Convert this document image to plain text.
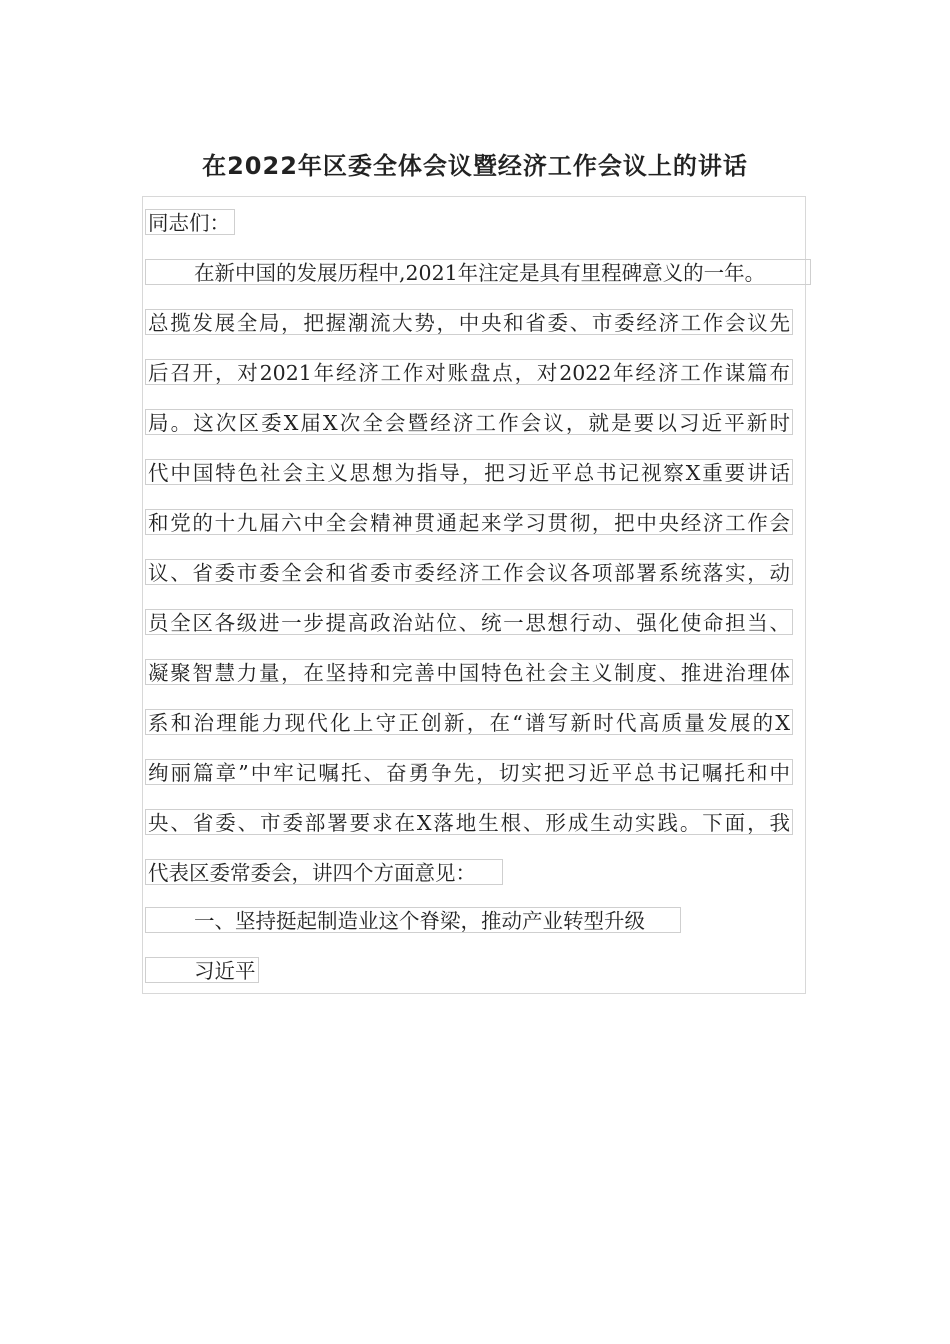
在2022年区委全体会议暨经济工作会议上的讲话
同志们：
在新中国的发展历程中,2021年注定是具有里程碑意义的一年。
总揽发展全局，把握潮流大势，中央和省委、市委经济工作会议先
后召开，对2021年经济工作对账盘点，对2022年经济工作谋篇布
局。这次区委X届X次全会暨经济工作会议，就是要以习近平新时
代中国特色社会主义思想为指导，把习近平总书记视察X重要讲话
和党的十九届六中全会精神贯通起来学习贯彻，把中央经济工作会
议、省委市委全会和省委市委经济工作会议各项部署系统落实，动
员全区各级进一步提高政治站位、统一思想行动、强化使命担当、
凝聚智慧力量，在坚持和完善中国特色社会主义制度、推进治理体
系和治理能力现代化上守正创新，在“谱写新时代高质量发展的X
绚丽篇章”中牢记嘱托、奋勇争先，切实把习近平总书记嘱托和中
央、省委、市委部署要求在X落地生根、形成生动实践。下面，我
代表区委常委会，讲四个方面意见：
一、坚持挺起制造业这个脊梁，推动产业转型升级
习近平
